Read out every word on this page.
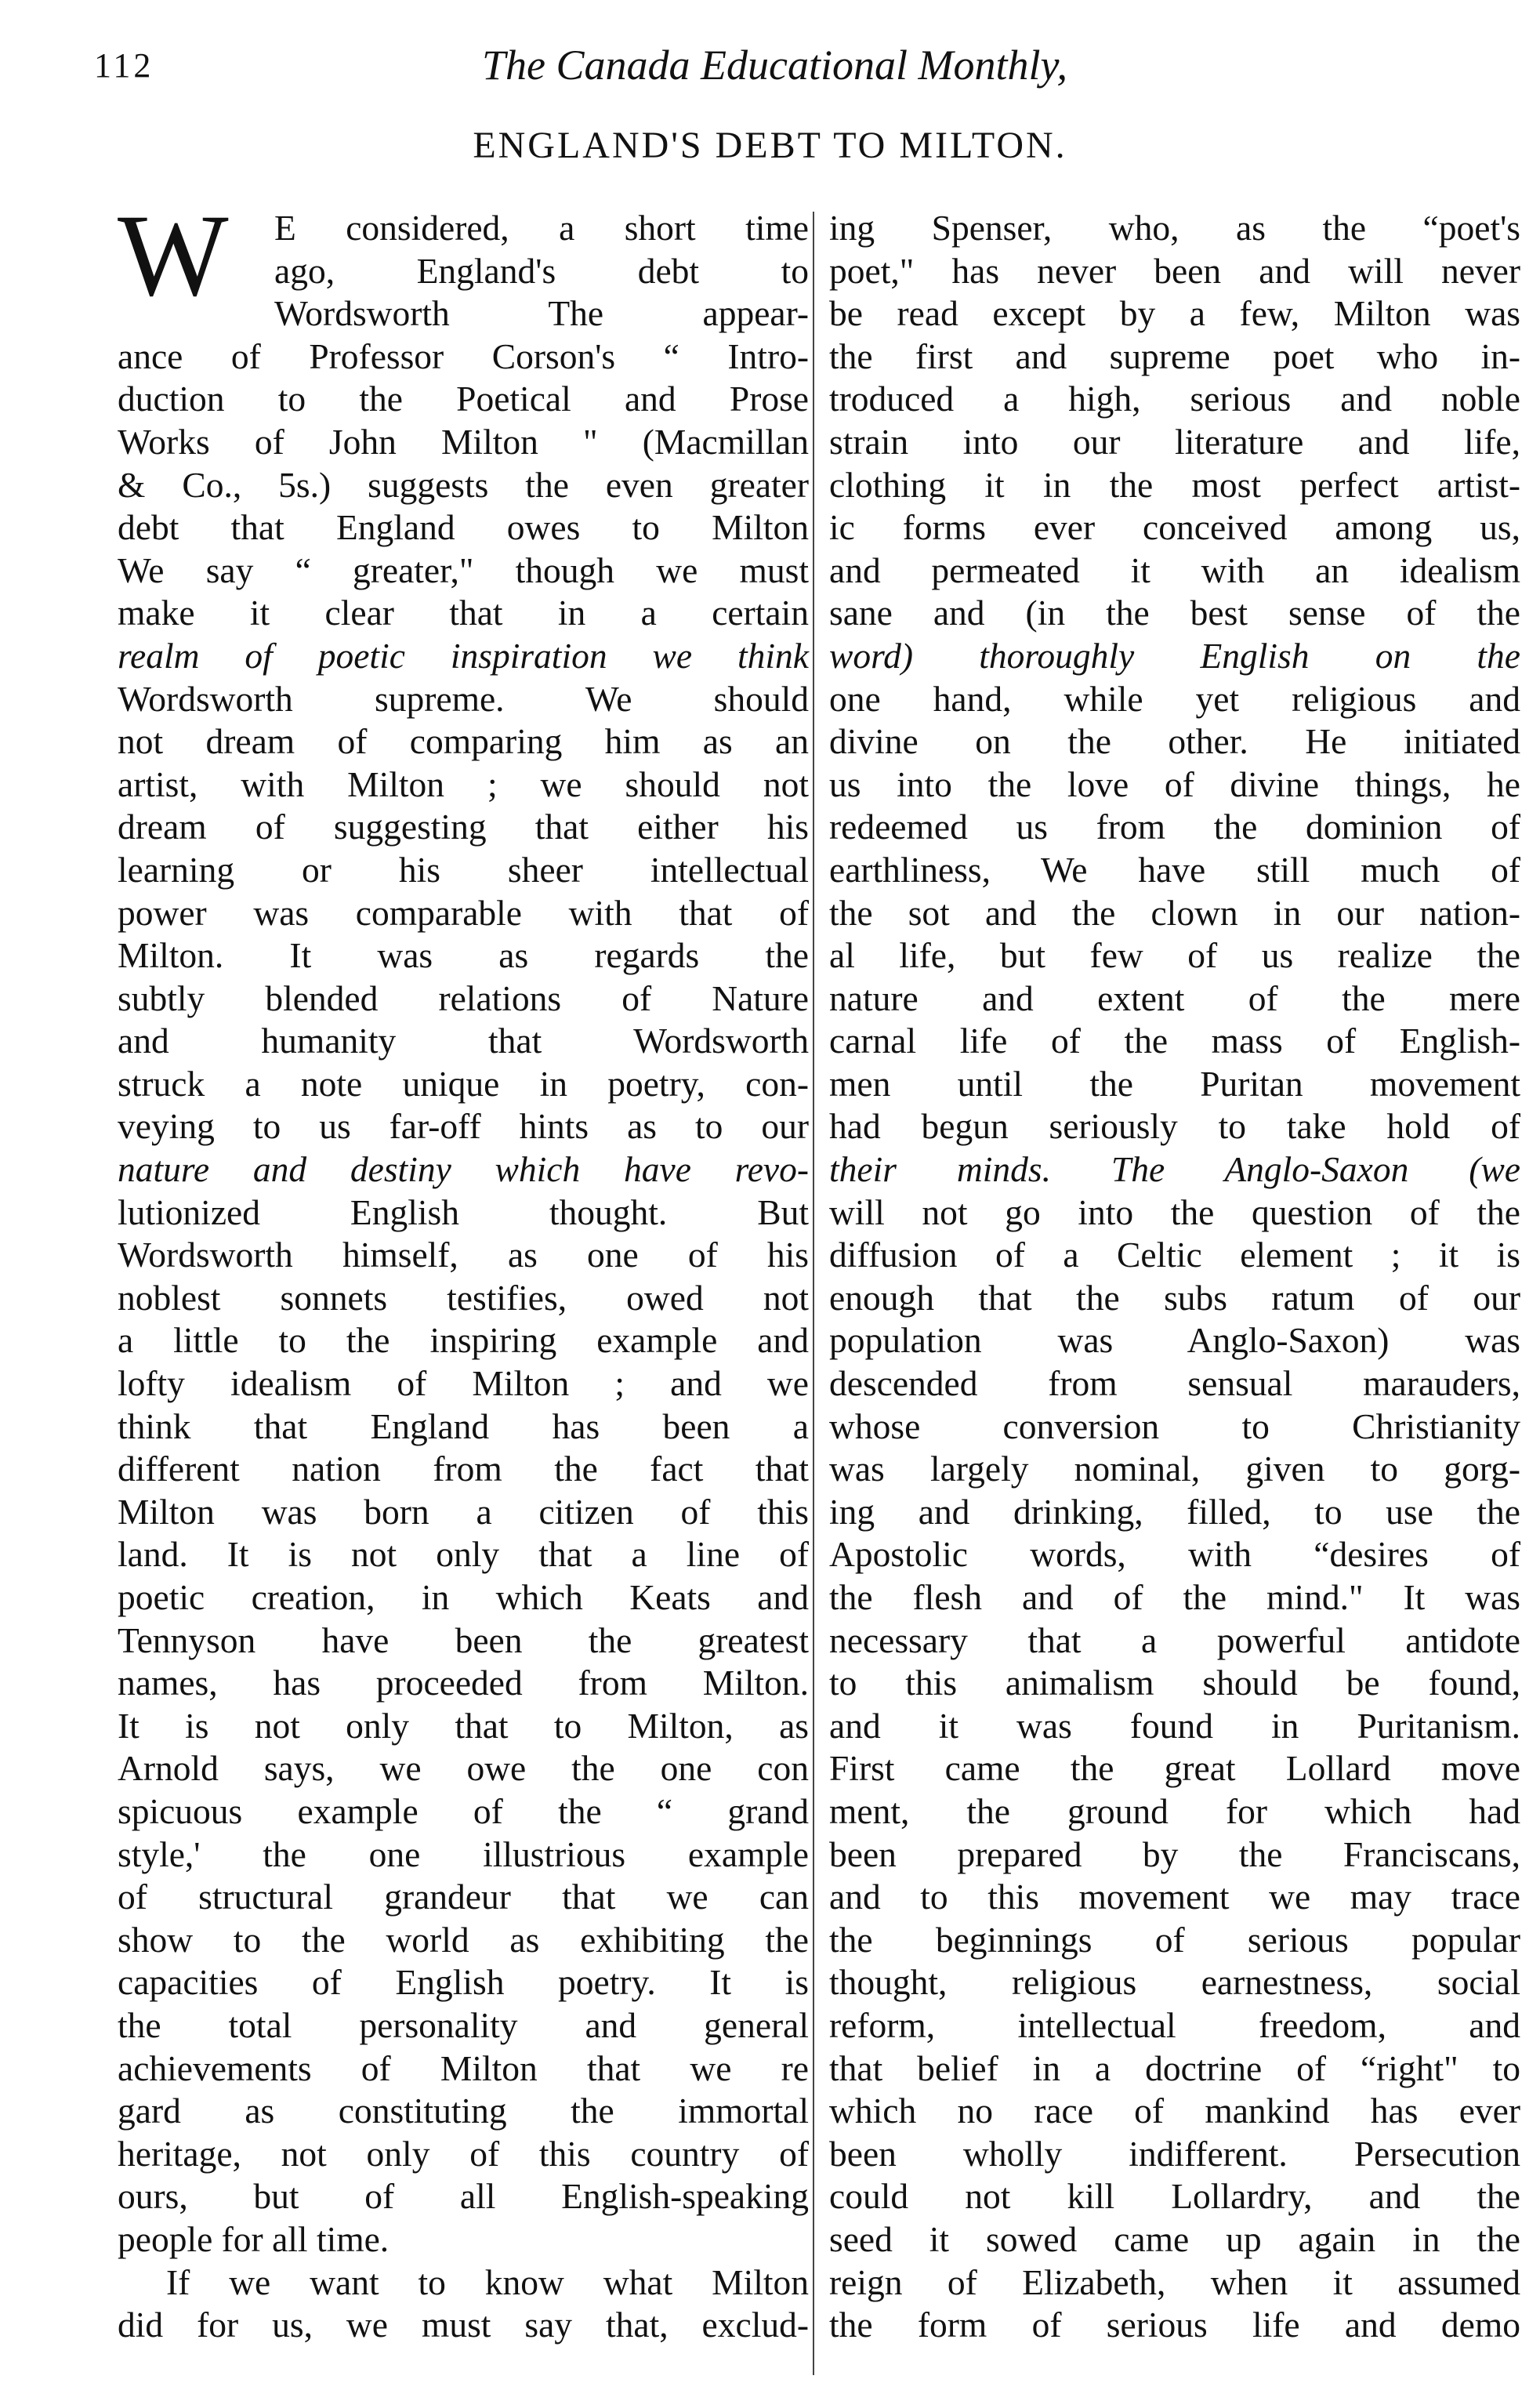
112	The Canada Educational Monthly,
ENGLAND'S DEBT TO MILTON.
W	E considered, a short time
ago, England's debt to
Wordsworth The appear-
ance of Professor Corson's “ Intro-
duction to the Poetical and Prose
Works of John Milton " (Macmillan
& Co., 5s.) suggests the even greater
debt that England owes to Milton
We say “ greater," though we must
make it clear that in a certain
realm of poetic inspiration we think
Wordsworth supreme. We should
not dream of comparing him as an
artist, with Milton ; we should not
dream of suggesting that either his
learning or his sheer intellectual
power was comparable with that of
Milton. It was as regards the
subtly blended relations of Nature
and humanity that Wordsworth
struck a note unique in poetry, con-
veying to us far-off hints as to our
nature and destiny which have revo-
lutionized English thought. But
Wordsworth himself, as one of his
noblest sonnets testifies, owed not
a little to the inspiring example and
lofty idealism of Milton ; and we
think that England has been a
different nation from the fact that
Milton was born a citizen of this
land. It is not only that a line of
poetic creation, in which Keats and
Tennyson have been the greatest
names, has proceeded from Milton.
It is not only that to Milton, as
Arnold says, we owe the one con
spicuous example of the “ grand
style,' the one illustrious example
of structural grandeur that we can
show to the world as exhibiting the
capacities of English poetry. It is
the total personality and general
achievements of Milton that we re
gard as constituting the immortal
heritage, not only of this country of
ours, but of all English-speaking
people for all time.
If we want to know what Milton
did for us, we must say that, exclud-
ing Spenser, who, as the “poet's
poet," has never been and will never
be read except by a few, Milton was
the first and supreme poet who in-
troduced a high, serious and noble
strain into our literature and life,
clothing it in the most perfect artist-
ic forms ever conceived among us,
and permeated it with an idealism
sane and (in the best sense of the
word) thoroughly English on the
one hand, while yet religious and
divine on the other. He initiated
us into the love of divine things, he
redeemed us from the dominion of
earthliness, We have still much of
the sot and the clown in our nation-
al life, but few of us realize the
nature and extent of the mere
carnal life of the mass of English-
men until the Puritan movement
had begun seriously to take hold of
their minds. The Anglo-Saxon (we
will not go into the question of the
diffusion of a Celtic element ; it is
enough that the subs ratum of our
population was Anglo-Saxon) was
descended from sensual marauders,
whose conversion to Christianity
was largely nominal, given to gorg-
ing and drinking, filled, to use the
Apostolic words, with “desires of
the flesh and of the mind." It was
necessary that a powerful antidote
to this animalism should be found,
and it was found in Puritanism.
First came the great Lollard move
ment, the ground for which had
been prepared by the Franciscans,
and to this movement we may trace
the beginnings of serious popular
thought, religious earnestness, social
reform, intellectual freedom, and
that belief in a doctrine of “right" to
which no race of mankind has ever
been wholly indifferent. Persecution
could not kill Lollardry, and the
seed it sowed came up again in the
reign of Elizabeth, when it assumed
the form of serious life and demo
